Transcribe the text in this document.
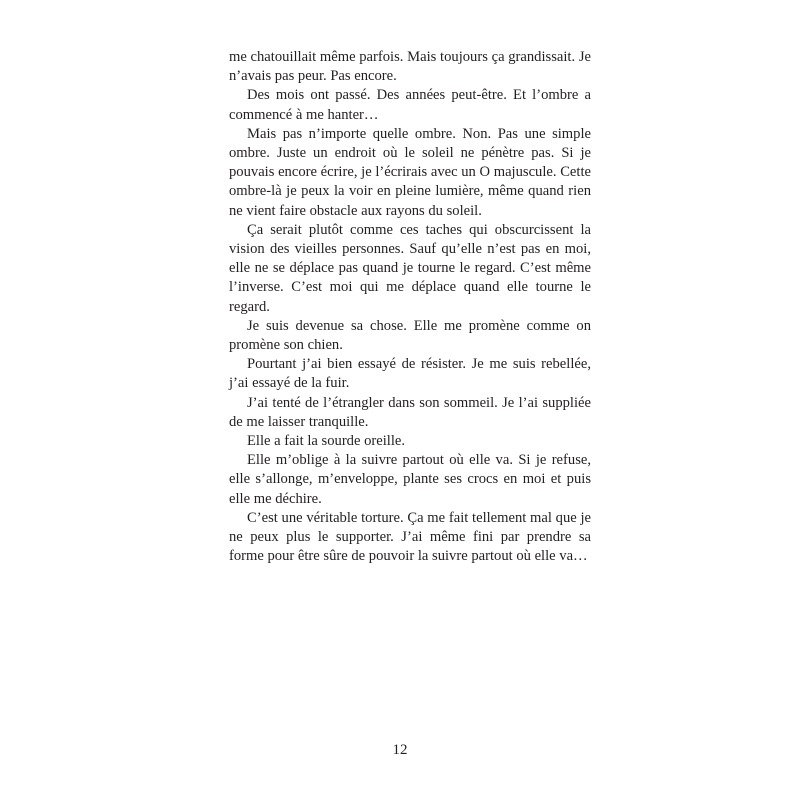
me chatouillait même parfois. Mais toujours ça grandissait. Je n’avais pas peur. Pas encore.

Des mois ont passé. Des années peut-être. Et l’ombre a commencé à me hanter…

Mais pas n’importe quelle ombre. Non. Pas une simple ombre. Juste un endroit où le soleil ne pénètre pas. Si je pouvais encore écrire, je l’écrirais avec un O majuscule. Cette ombre-là je peux la voir en pleine lumière, même quand rien ne vient faire obstacle aux rayons du soleil.

Ça serait plutôt comme ces taches qui obscurcissent la vision des vieilles personnes. Sauf qu’elle n’est pas en moi, elle ne se déplace pas quand je tourne le regard. C’est même l’inverse. C’est moi qui me déplace quand elle tourne le regard.

Je suis devenue sa chose. Elle me promène comme on promène son chien.

Pourtant j’ai bien essayé de résister. Je me suis rebellée, j’ai essayé de la fuir.

J’ai tenté de l’étrangler dans son sommeil. Je l’ai suppliée de me laisser tranquille.

Elle a fait la sourde oreille.

Elle m’oblige à la suivre partout où elle va. Si je refuse, elle s’allonge, m’enveloppe, plante ses crocs en moi et puis elle me déchire.

C’est une véritable torture. Ça me fait tellement mal que je ne peux plus le supporter. J’ai même fini par prendre sa forme pour être sûre de pouvoir la suivre partout où elle va…

12
